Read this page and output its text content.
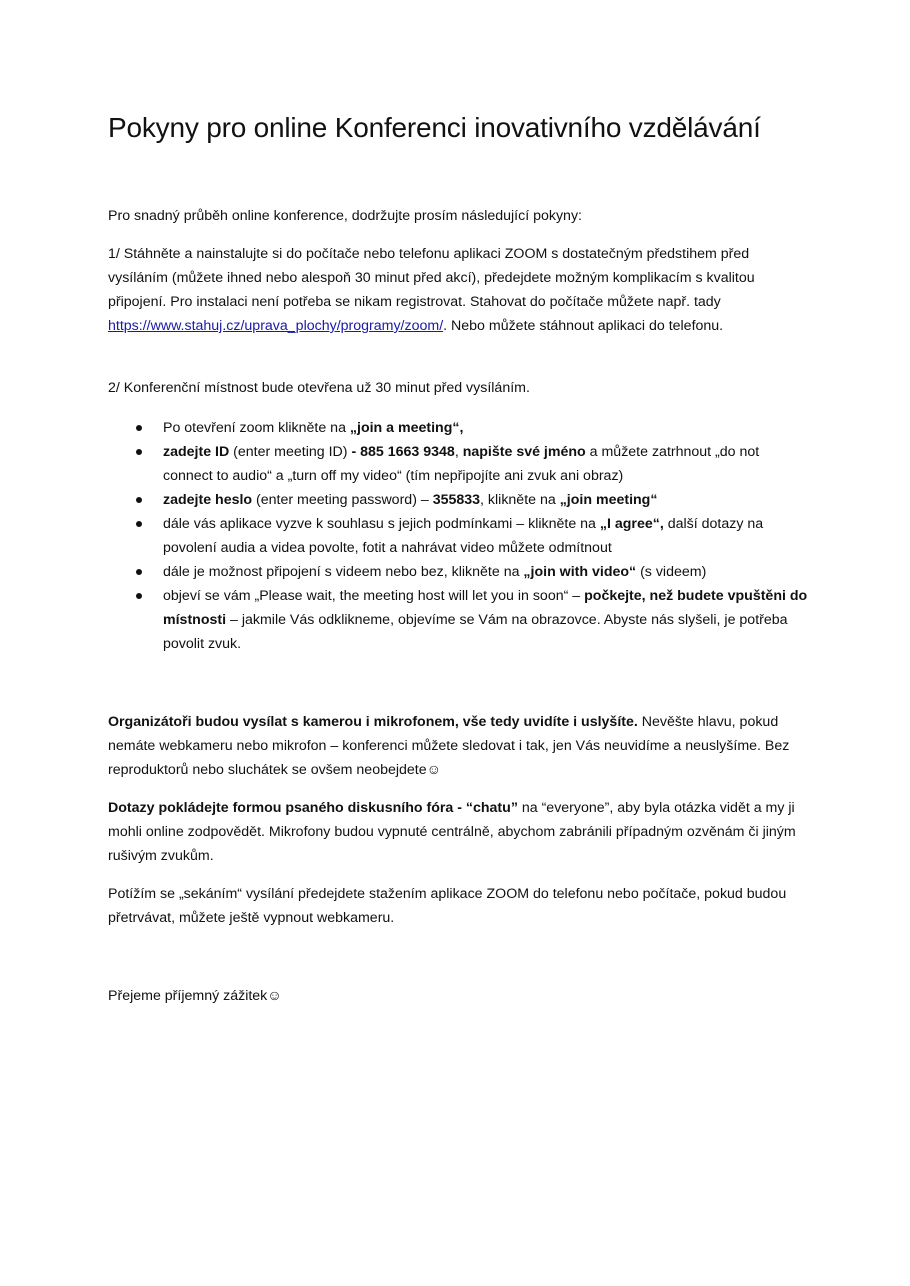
Pokyny pro online Konferenci inovativního vzdělávání

Pro snadný průběh online konference, dodržujte prosím následující pokyny:

1/ Stáhněte a nainstalujte si do počítače nebo telefonu aplikaci ZOOM s dostatečným předstihem před vysíláním (můžete ihned nebo alespoň 30 minut před akcí), předejdete možným komplikacím s kvalitou připojení. Pro instalaci není potřeba se nikam registrovat. Stahovat do počítače můžete např. tady https://www.stahuj.cz/uprava_plochy/programy/zoom/. Nebo můžete stáhnout aplikaci do telefonu.

2/ Konferenční místnost bude otevřena už 30 minut před vysíláním.

Po otevření zoom klikněte na „join a meeting“,
zadejte ID (enter meeting ID) - 885 1663 9348, napište své jméno a můžete zatrhnout „do not connect to audio“ a „turn off my video“ (tím nepřipojíte ani zvuk ani obraz)
zadejte heslo (enter meeting password) – 355833, klikněte na „join meeting“
dále vás aplikace vyzve k souhlasu s jejich podmínkami – klikněte na „I agree“, další dotazy na povolení audia a videa povolte, fotit a nahrávat video můžete odmítnout
dále je možnost připojení s videem nebo bez, klikněte na „join with video“ (s videem)
objeví se vám „Please wait, the meeting host will let you in soon“ – počkejte, než budete vpuštěni do místnosti – jakmile Vás odklikneme, objevíme se Vám na obrazovce. Abyste nás slyšeli, je potřeba povolit zvuk.

Organizátoři budou vysílat s kamerou i mikrofonem, vše tedy uvidíte i uslyšíte. Nevěšte hlavu, pokud nemáte webkameru nebo mikrofon – konferenci můžete sledovat i tak, jen Vás neuvidíme a neuslyšíme. Bez reproduktorů nebo sluchátek se ovšem neobejdete☺

Dotazy pokládejte formou psaného diskusního fóra - “chatu” na “everyone”, aby byla otázka vidět a my ji mohli online zodpovědět. Mikrofony budou vypnuté centrálně, abychom zabránili případným ozvěnám či jiným rušivým zvukům.

Potížím se „sekáním“ vysílání předejdete stažením aplikace ZOOM do telefonu nebo počítače, pokud budou přetrvávat, můžete ještě vypnout webkameru.

Přejeme příjemný zážitek☺
